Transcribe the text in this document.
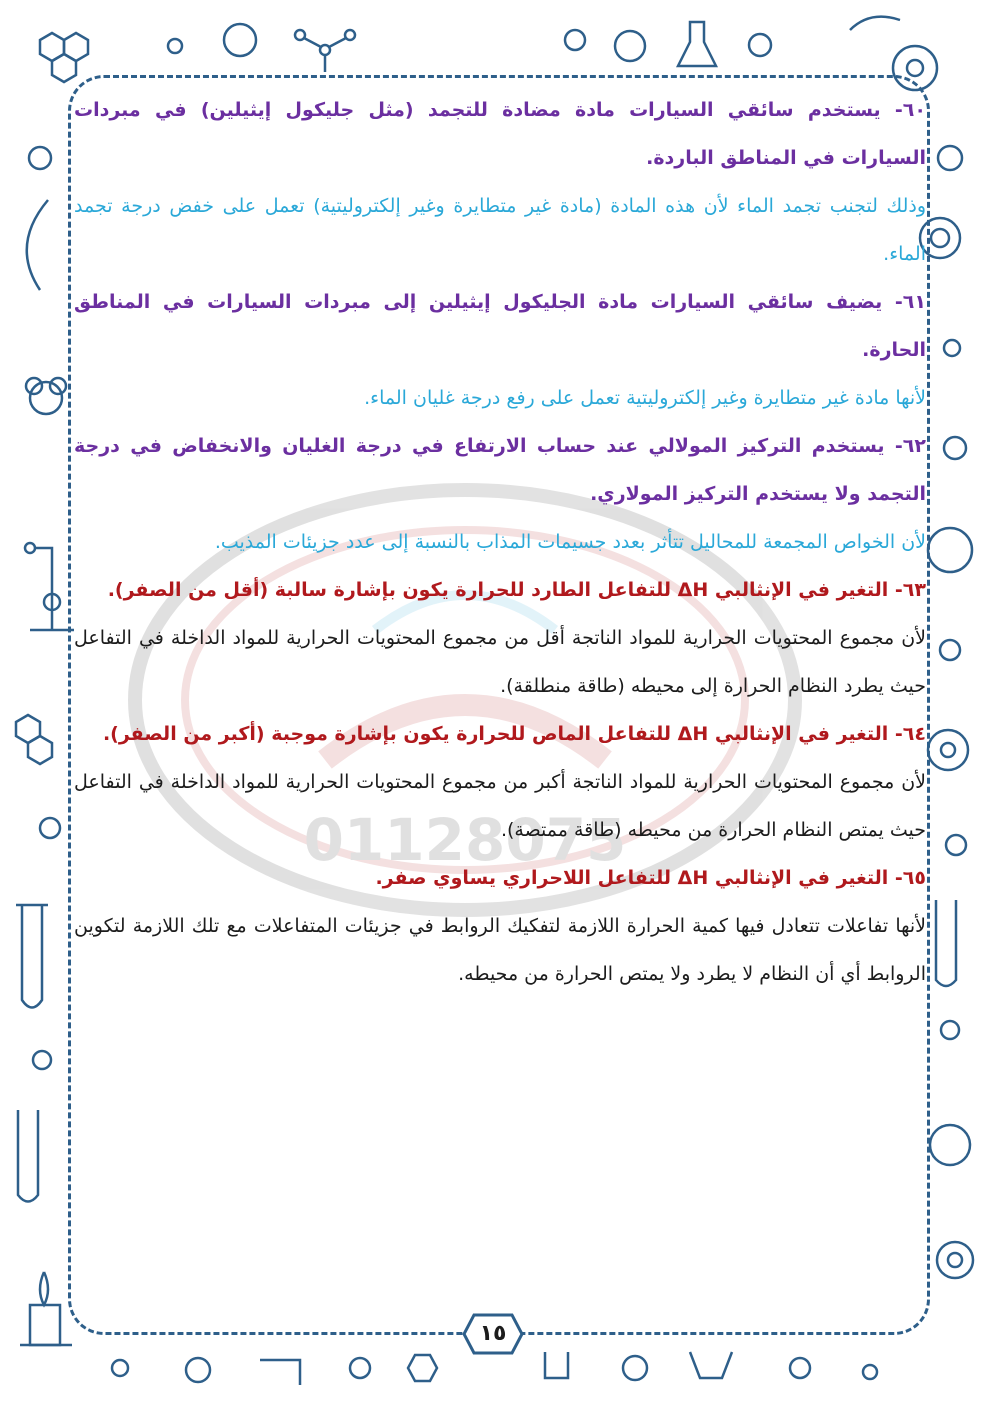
01128075

٦٠- يستخدم سائقي السيارات مادة مضادة للتجمد (مثل جليكول إيثيلين) في مبردات السيارات في المناطق الباردة.

وذلك لتجنب تجمد الماء لأن هذه المادة (مادة غير متطايرة وغير إلكتروليتية) تعمل على خفض درجة تجمد الماء.

٦١- يضيف سائقي السيارات مادة الجليكول إيثيلين إلى مبردات السيارات في المناطق الحارة.

لأنها مادة غير متطايرة وغير إلكتروليتية تعمل على رفع درجة غليان الماء.

٦٢- يستخدم التركيز المولالي عند حساب الارتفاع في درجة الغليان والانخفاض في درجة التجمد ولا يستخدم التركيز المولاري.

لأن الخواص المجمعة للمحاليل تتأثر بعدد جسيمات المذاب بالنسبة إلى عدد جزيئات المذيب.

٦٣- التغير في الإنثالبي ΔH للتفاعل الطارد للحرارة يكون بإشارة سالبة (أقل من الصفر).

لأن مجموع المحتويات الحرارية للمواد الناتجة أقل من مجموع المحتويات الحرارية للمواد الداخلة في التفاعل حيث يطرد النظام الحرارة إلى محيطه (طاقة منطلقة).

٦٤- التغير في الإنثالبي ΔH للتفاعل الماص للحرارة يكون بإشارة موجبة (أكبر من الصفر).

لأن مجموع المحتويات الحرارية للمواد الناتجة أكبر من مجموع المحتويات الحرارية للمواد الداخلة في التفاعل حيث يمتص النظام الحرارة من محيطه (طاقة ممتصة).

٦٥- التغير في الإنثالبي ΔH للتفاعل اللاحراري يساوي صفر.

لأنها تفاعلات تتعادل فيها كمية الحرارة اللازمة لتفكيك الروابط في جزيئات المتفاعلات مع تلك اللازمة لتكوين الروابط أي أن النظام لا يطرد ولا يمتص الحرارة من محيطه.

١٥
